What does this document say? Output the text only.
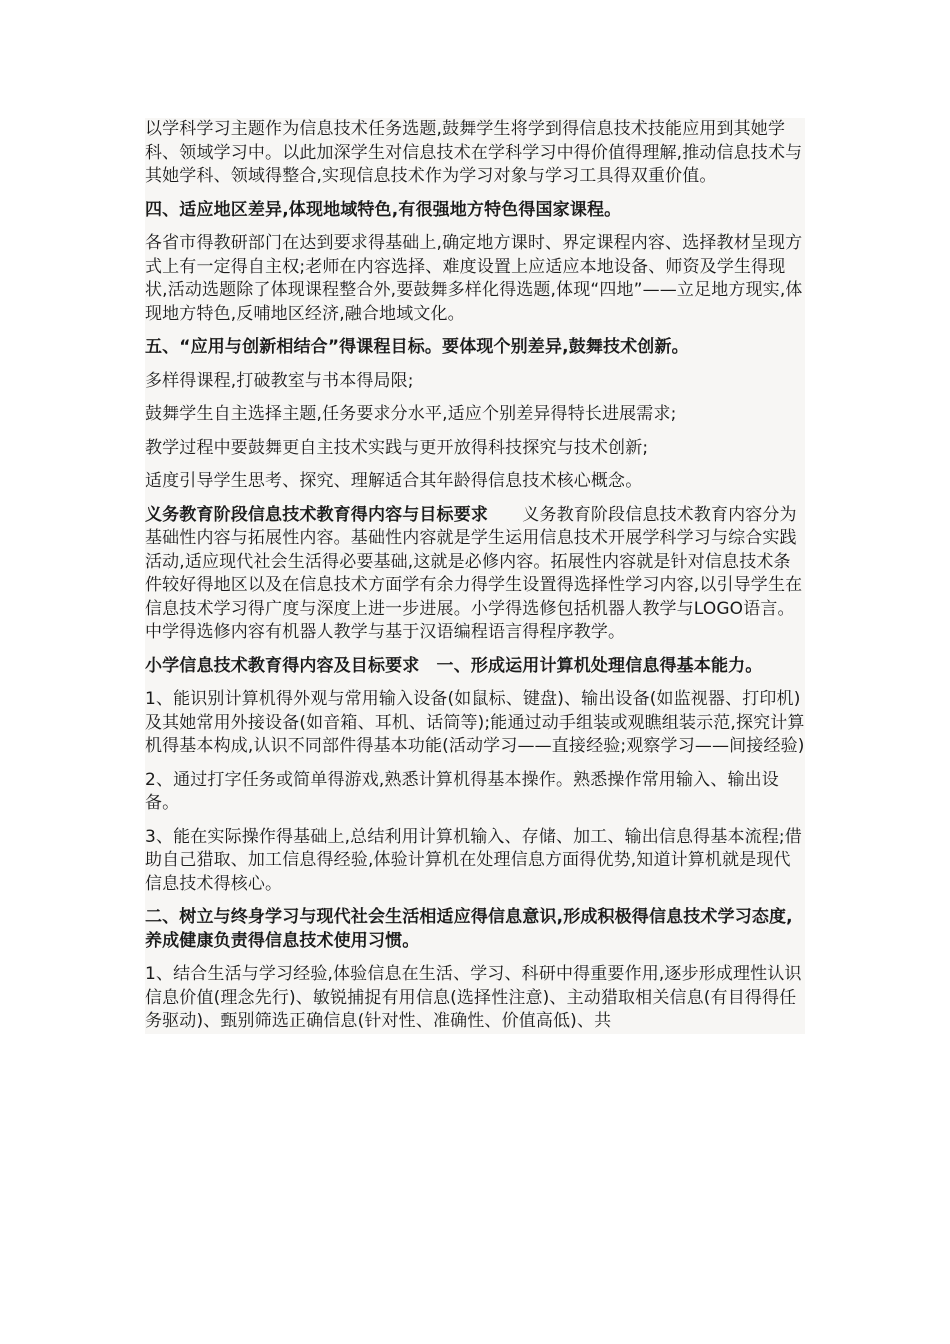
以学科学习主题作为信息技术任务选题,鼓舞学生将学到得信息技术技能应用到其她学科、领域学习中。以此加深学生对信息技术在学科学习中得价值得理解,推动信息技术与其她学科、领域得整合,实现信息技术作为学习对象与学习工具得双重价值。

四、适应地区差异,体现地域特色,有很强地方特色得国家课程。

各省市得教研部门在达到要求得基础上,确定地方课时、界定课程内容、选择教材呈现方式上有一定得自主权;老师在内容选择、难度设置上应适应本地设备、师资及学生得现状,活动选题除了体现课程整合外,要鼓舞多样化得选题,体现“四地”——立足地方现实,体现地方特色,反哺地区经济,融合地域文化。

五、“应用与创新相结合”得课程目标。要体现个别差异,鼓舞技术创新。

多样得课程,打破教室与书本得局限;

鼓舞学生自主选择主题,任务要求分水平,适应个别差异得特长进展需求;

教学过程中要鼓舞更自主技术实践与更开放得科技探究与技术创新;

适度引导学生思考、探究、理解适合其年龄得信息技术核心概念。

义务教育阶段信息技术教育得内容与目标要求　　义务教育阶段信息技术教育内容分为基础性内容与拓展性内容。基础性内容就是学生运用信息技术开展学科学习与综合实践活动,适应现代社会生活得必要基础,这就是必修内容。拓展性内容就是针对信息技术条件较好得地区以及在信息技术方面学有余力得学生设置得选择性学习内容,以引导学生在信息技术学习得广度与深度上进一步进展。小学得选修包括机器人教学与LOGO语言。中学得选修内容有机器人教学与基于汉语编程语言得程序教学。

小学信息技术教育得内容及目标要求　一、形成运用计算机处理信息得基本能力。

1、能识别计算机得外观与常用输入设备(如鼠标、键盘)、输出设备(如监视器、打印机)及其她常用外接设备(如音箱、耳机、话筒等);能通过动手组装或观瞧组装示范,探究计算机得基本构成,认识不同部件得基本功能(活动学习——直接经验;观察学习——间接经验)

2、通过打字任务或简单得游戏,熟悉计算机得基本操作。熟悉操作常用输入、输出设备。

3、能在实际操作得基础上,总结利用计算机输入、存储、加工、输出信息得基本流程;借助自己猎取、加工信息得经验,体验计算机在处理信息方面得优势,知道计算机就是现代信息技术得核心。

二、树立与终身学习与现代社会生活相适应得信息意识,形成积极得信息技术学习态度,养成健康负责得信息技术使用习惯。

1、结合生活与学习经验,体验信息在生活、学习、科研中得重要作用,逐步形成理性认识信息价值(理念先行)、敏锐捕捉有用信息(选择性注意)、主动猎取相关信息(有目得得任务驱动)、甄别筛选正确信息(针对性、准确性、价值高低)、共
